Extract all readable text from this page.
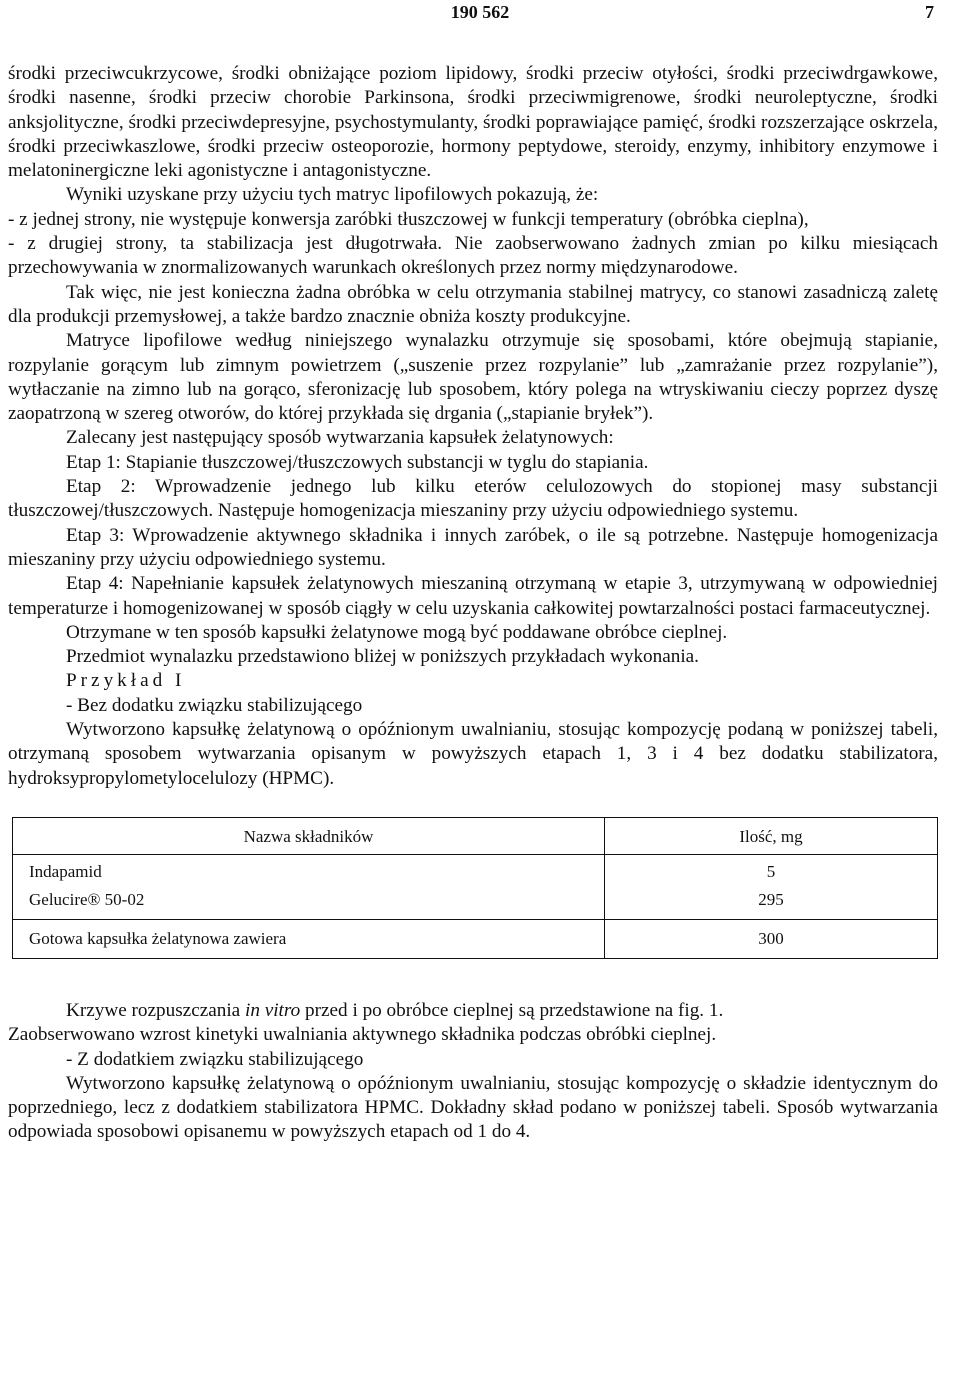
190 562	7

środki przeciwcukrzycowe, środki obniżające poziom lipidowy, środki przeciw otyłości, środki przeciwdrgawkowe, środki nasenne, środki przeciw chorobie Parkinsona, środki przeciwmigrenowe, środki neuroleptyczne, środki anksjolityczne, środki przeciwdepresyjne, psychostymulanty, środki poprawiające pamięć, środki rozszerzające oskrzela, środki przeciwkaszlowe, środki przeciw osteoporozie, hormony peptydowe, steroidy, enzymy, inhibitory enzymowe i melatoninergiczne leki agonistyczne i antagonistyczne.

Wyniki uzyskane przy użyciu tych matryc lipofilowych pokazują, że:

- z jednej strony, nie występuje konwersja zaróbki tłuszczowej w funkcji temperatury (obróbka cieplna),

- z drugiej strony, ta stabilizacja jest długotrwała. Nie zaobserwowano żadnych zmian po kilku miesiącach przechowywania w znormalizowanych warunkach określonych przez normy międzynarodowe.

Tak więc, nie jest konieczna żadna obróbka w celu otrzymania stabilnej matrycy, co stanowi zasadniczą zaletę dla produkcji przemysłowej, a także bardzo znacznie obniża koszty produkcyjne.

Matryce lipofilowe według niniejszego wynalazku otrzymuje się sposobami, które obejmują stapianie, rozpylanie gorącym lub zimnym powietrzem („suszenie przez rozpylanie” lub „zamrażanie przez rozpylanie”), wytłaczanie na zimno lub na gorąco, sferonizację lub sposobem, który polega na wtryskiwaniu cieczy poprzez dyszę zaopatrzoną w szereg otworów, do której przykłada się drgania („stapianie bryłek”).

Zalecany jest następujący sposób wytwarzania kapsułek żelatynowych:

Etap 1: Stapianie tłuszczowej/tłuszczowych substancji w tyglu do stapiania.

Etap 2: Wprowadzenie jednego lub kilku eterów celulozowych do stopionej masy substancji tłuszczowej/tłuszczowych. Następuje homogenizacja mieszaniny przy użyciu odpowiedniego systemu.

Etap 3: Wprowadzenie aktywnego składnika i innych zaróbek, o ile są potrzebne. Następuje homogenizacja mieszaniny przy użyciu odpowiedniego systemu.

Etap 4: Napełnianie kapsułek żelatynowych mieszaniną otrzymaną w etapie 3, utrzymywaną w odpowiedniej temperaturze i homogenizowanej w sposób ciągły w celu uzyskania całkowitej powtarzalności postaci farmaceutycznej.

Otrzymane w ten sposób kapsułki żelatynowe mogą być poddawane obróbce cieplnej.

Przedmiot wynalazku przedstawiono bliżej w poniższych przykładach wykonania.

Przykład I

- Bez dodatku związku stabilizującego

Wytworzono kapsułkę żelatynową o opóźnionym uwalnianiu, stosując kompozycję podaną w poniższej tabeli, otrzymaną sposobem wytwarzania opisanym w powyższych etapach 1, 3 i 4 bez dodatku stabilizatora, hydroksypropylometylocelulozy (HPMC).

Nazwa składników	Ilość, mg
Indapamid	5
Gelucire® 50-02	295
Gotowa kapsułka żelatynowa zawiera	300

Krzywe rozpuszczania in vitro przed i po obróbce cieplnej są przedstawione na fig. 1.

Zaobserwowano wzrost kinetyki uwalniania aktywnego składnika podczas obróbki cieplnej.

- Z dodatkiem związku stabilizującego

Wytworzono kapsułkę żelatynową o opóźnionym uwalnianiu, stosując kompozycję o składzie identycznym do poprzedniego, lecz z dodatkiem stabilizatora HPMC. Dokładny skład podano w poniższej tabeli. Sposób wytwarzania odpowiada sposobowi opisanemu w powyższych etapach od 1 do 4.
